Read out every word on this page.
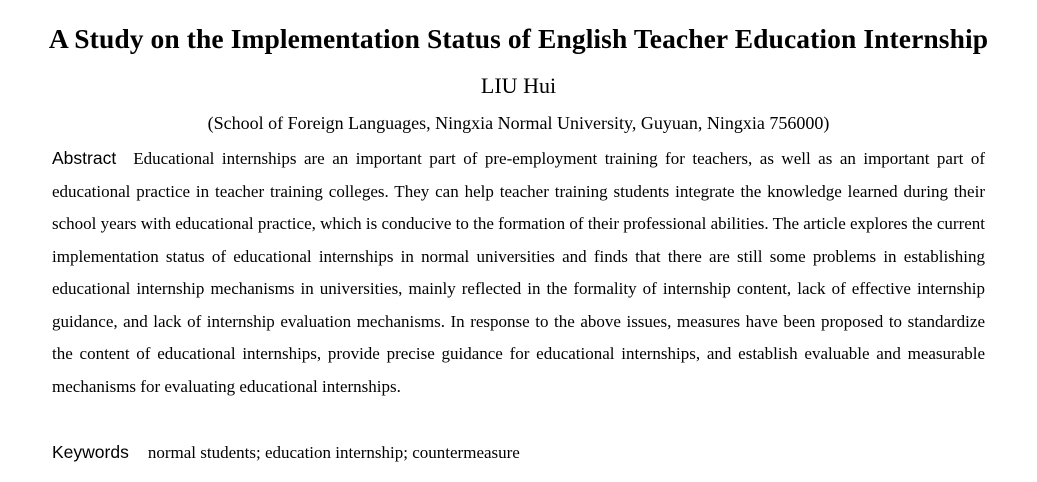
A Study on the Implementation Status of English Teacher Education Internship
LIU Hui
(School of Foreign Languages, Ningxia Normal University, Guyuan, Ningxia 756000)

Abstract Educational internships are an important part of pre-employment training for teachers, as well as an important part of educational practice in teacher training colleges. They can help teacher training students integrate the knowledge learned during their school years with educational practice, which is conducive to the formation of their professional abilities. The article explores the current implementation status of educational internships in normal universities and finds that there are still some problems in establishing educational internship mechanisms in universities, mainly reflected in the formality of internship content, lack of effective internship guidance, and lack of internship evaluation mechanisms. In response to the above issues, measures have been proposed to standardize the content of educational internships, provide precise guidance for educational internships, and establish evaluable and measurable mechanisms for evaluating educational internships.

Keywords normal students; education internship; countermeasure
